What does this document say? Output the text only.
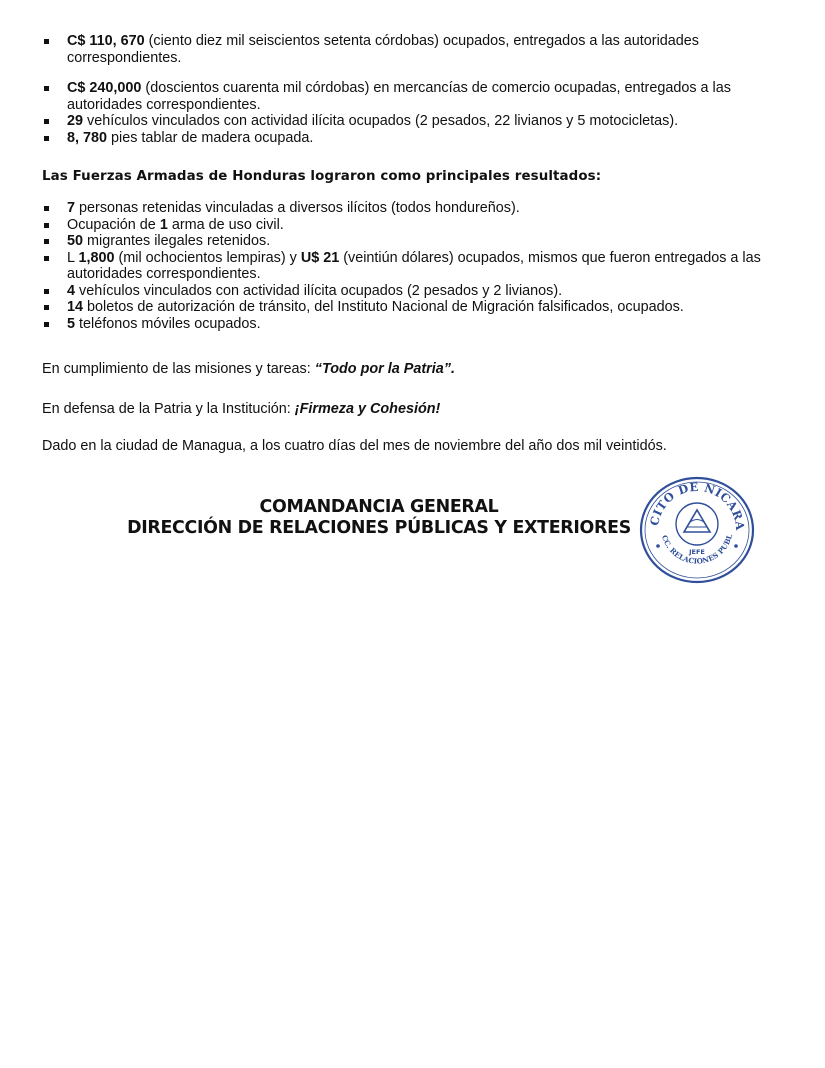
C$ 110, 670 (ciento diez mil seiscientos setenta córdobas) ocupados, entregados a las autoridades correspondientes.
C$ 240,000 (doscientos cuarenta mil córdobas) en mercancías de comercio ocupadas, entregados a las autoridades correspondientes.
29 vehículos vinculados con actividad ilícita ocupados (2 pesados, 22 livianos y 5 motocicletas).
8, 780 pies tablar de madera ocupada.
Las Fuerzas Armadas de Honduras lograron como principales resultados:
7 personas retenidas vinculadas a diversos ilícitos (todos hondureños).
Ocupación de 1 arma de uso civil.
50 migrantes ilegales retenidos.
L 1,800 (mil ochocientos lempiras) y U$ 21 (veintiún dólares) ocupados, mismos que fueron entregados a las autoridades correspondientes.
4 vehículos vinculados con actividad ilícita ocupados (2 pesados y 2 livianos).
14 boletos de autorización de tránsito, del Instituto Nacional de Migración falsificados, ocupados.
5 teléfonos móviles ocupados.
En cumplimiento de las misiones y tareas: “Todo por la Patria”.
En defensa de la Patria y la Institución: ¡Firmeza y Cohesión!
Dado en la ciudad de Managua, a los cuatro días del mes de noviembre del año dos mil veintidós.
COMANDANCIA GENERAL
DIRECCIÓN DE RELACIONES PÚBLICAS Y EXTERIORES	CITO DE NICARA
CC. RELACIONES PUBL
JEFE
